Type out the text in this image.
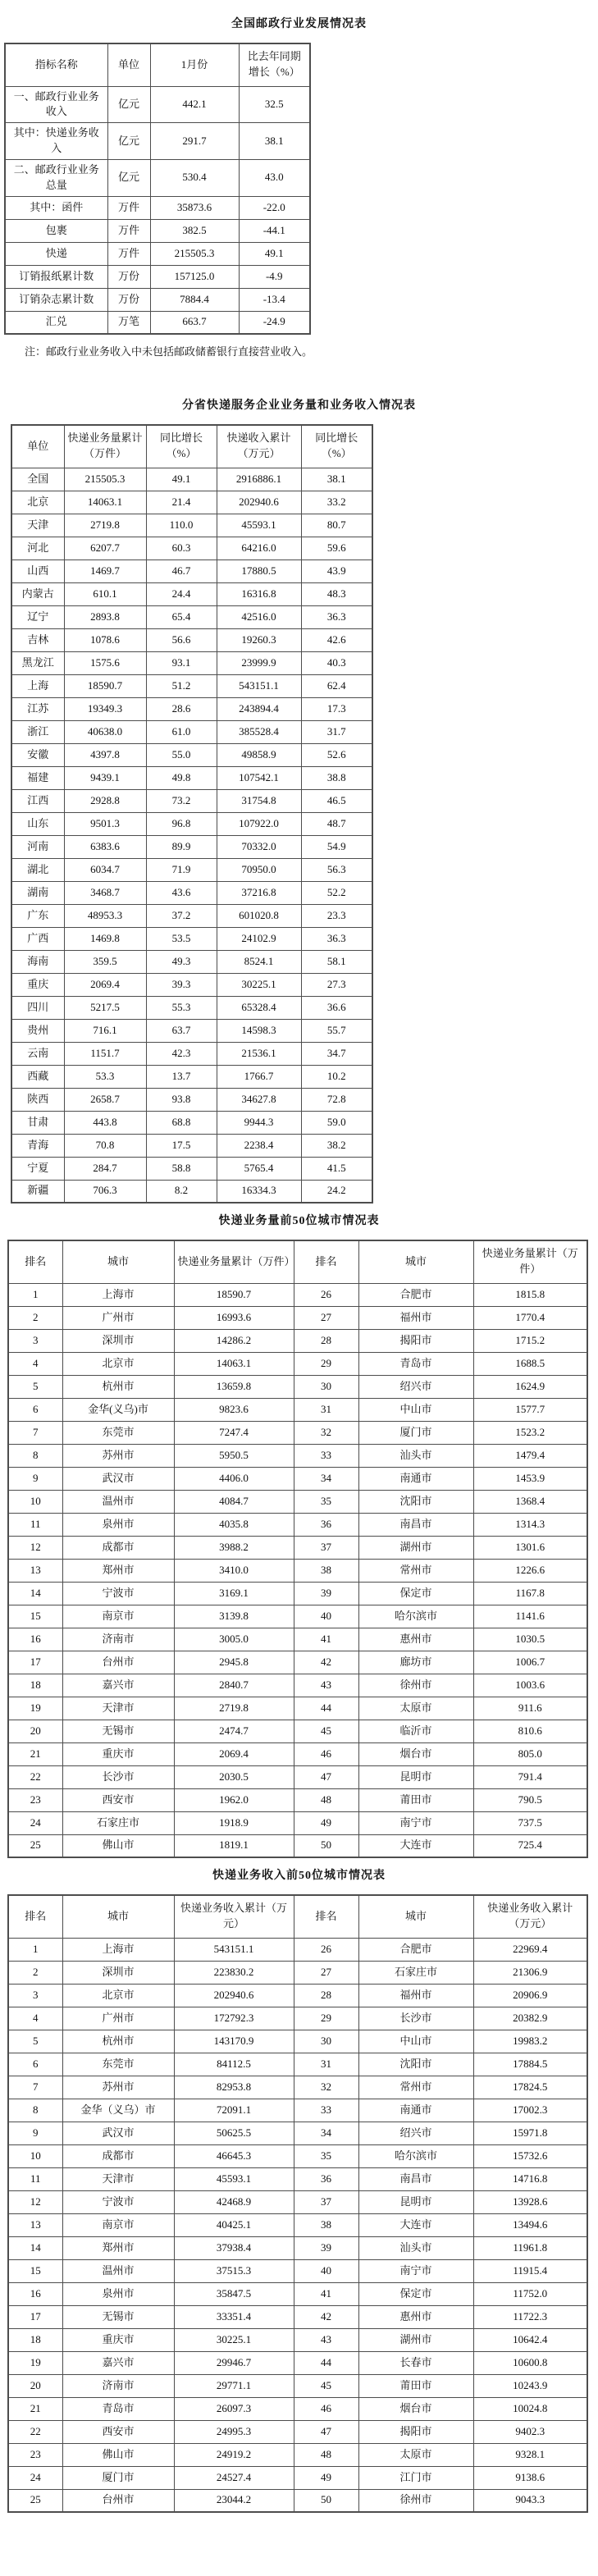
全国邮政行业发展情况表
指标名称	单位	1月份	比去年同期增长（%）
一、邮政行业业务收入	亿元	442.1	32.5
其中：快递业务收入	亿元	291.7	38.1
二、邮政行业业务总量	亿元	530.4	43.0
其中：函件	万件	35873.6	-22.0
包裹	万件	382.5	-44.1
快递	万件	215505.3	49.1
订销报纸累计数	万份	157125.0	-4.9
订销杂志累计数	万份	7884.4	-13.4
汇兑	万笔	663.7	-24.9
注：邮政行业业务收入中未包括邮政储蓄银行直接营业收入。
分省快递服务企业业务量和业务收入情况表
单位	快递业务量累计（万件）	同比增长（%）	快递收入累计（万元）	同比增长（%）
全国	215505.3	49.1	2916886.1	38.1
北京	14063.1	21.4	202940.6	33.2
天津	2719.8	110.0	45593.1	80.7
河北	6207.7	60.3	64216.0	59.6
山西	1469.7	46.7	17880.5	43.9
内蒙古	610.1	24.4	16316.8	48.3
辽宁	2893.8	65.4	42516.0	36.3
吉林	1078.6	56.6	19260.3	42.6
黑龙江	1575.6	93.1	23999.9	40.3
上海	18590.7	51.2	543151.1	62.4
江苏	19349.3	28.6	243894.4	17.3
浙江	40638.0	61.0	385528.4	31.7
安徽	4397.8	55.0	49858.9	52.6
福建	9439.1	49.8	107542.1	38.8
江西	2928.8	73.2	31754.8	46.5
山东	9501.3	96.8	107922.0	48.7
河南	6383.6	89.9	70332.0	54.9
湖北	6034.7	71.9	70950.0	56.3
湖南	3468.7	43.6	37216.8	52.2
广东	48953.3	37.2	601020.8	23.3
广西	1469.8	53.5	24102.9	36.3
海南	359.5	49.3	8524.1	58.1
重庆	2069.4	39.3	30225.1	27.3
四川	5217.5	55.3	65328.4	36.6
贵州	716.1	63.7	14598.3	55.7
云南	1151.7	42.3	21536.1	34.7
西藏	53.3	13.7	1766.7	10.2
陕西	2658.7	93.8	34627.8	72.8
甘肃	443.8	68.8	9944.3	59.0
青海	70.8	17.5	2238.4	38.2
宁夏	284.7	58.8	5765.4	41.5
新疆	706.3	8.2	16334.3	24.2
快递业务量前50位城市情况表
排名	城市	快递业务量累计（万件）	排名	城市	快递业务量累计（万件）
1	上海市	18590.7	26	合肥市	1815.8
2	广州市	16993.6	27	福州市	1770.4
3	深圳市	14286.2	28	揭阳市	1715.2
4	北京市	14063.1	29	青岛市	1688.5
5	杭州市	13659.8	30	绍兴市	1624.9
6	金华(义乌)市	9823.6	31	中山市	1577.7
7	东莞市	7247.4	32	厦门市	1523.2
8	苏州市	5950.5	33	汕头市	1479.4
9	武汉市	4406.0	34	南通市	1453.9
10	温州市	4084.7	35	沈阳市	1368.4
11	泉州市	4035.8	36	南昌市	1314.3
12	成都市	3988.2	37	湖州市	1301.6
13	郑州市	3410.0	38	常州市	1226.6
14	宁波市	3169.1	39	保定市	1167.8
15	南京市	3139.8	40	哈尔滨市	1141.6
16	济南市	3005.0	41	惠州市	1030.5
17	台州市	2945.8	42	廊坊市	1006.7
18	嘉兴市	2840.7	43	徐州市	1003.6
19	天津市	2719.8	44	太原市	911.6
20	无锡市	2474.7	45	临沂市	810.6
21	重庆市	2069.4	46	烟台市	805.0
22	长沙市	2030.5	47	昆明市	791.4
23	西安市	1962.0	48	莆田市	790.5
24	石家庄市	1918.9	49	南宁市	737.5
25	佛山市	1819.1	50	大连市	725.4
快递业务收入前50位城市情况表
排名	城市	快递业务收入累计（万元）	排名	城市	快递业务收入累计（万元）
1	上海市	543151.1	26	合肥市	22969.4
2	深圳市	223830.2	27	石家庄市	21306.9
3	北京市	202940.6	28	福州市	20906.9
4	广州市	172792.3	29	长沙市	20382.9
5	杭州市	143170.9	30	中山市	19983.2
6	东莞市	84112.5	31	沈阳市	17884.5
7	苏州市	82953.8	32	常州市	17824.5
8	金华（义乌）市	72091.1	33	南通市	17002.3
9	武汉市	50625.5	34	绍兴市	15971.8
10	成都市	46645.3	35	哈尔滨市	15732.6
11	天津市	45593.1	36	南昌市	14716.8
12	宁波市	42468.9	37	昆明市	13928.6
13	南京市	40425.1	38	大连市	13494.6
14	郑州市	37938.4	39	汕头市	11961.8
15	温州市	37515.3	40	南宁市	11915.4
16	泉州市	35847.5	41	保定市	11752.0
17	无锡市	33351.4	42	惠州市	11722.3
18	重庆市	30225.1	43	湖州市	10642.4
19	嘉兴市	29946.7	44	长春市	10600.8
20	济南市	29771.1	45	莆田市	10243.9
21	青岛市	26097.3	46	烟台市	10024.8
22	西安市	24995.3	47	揭阳市	9402.3
23	佛山市	24919.2	48	太原市	9328.1
24	厦门市	24527.4	49	江门市	9138.6
25	台州市	23044.2	50	徐州市	9043.3
